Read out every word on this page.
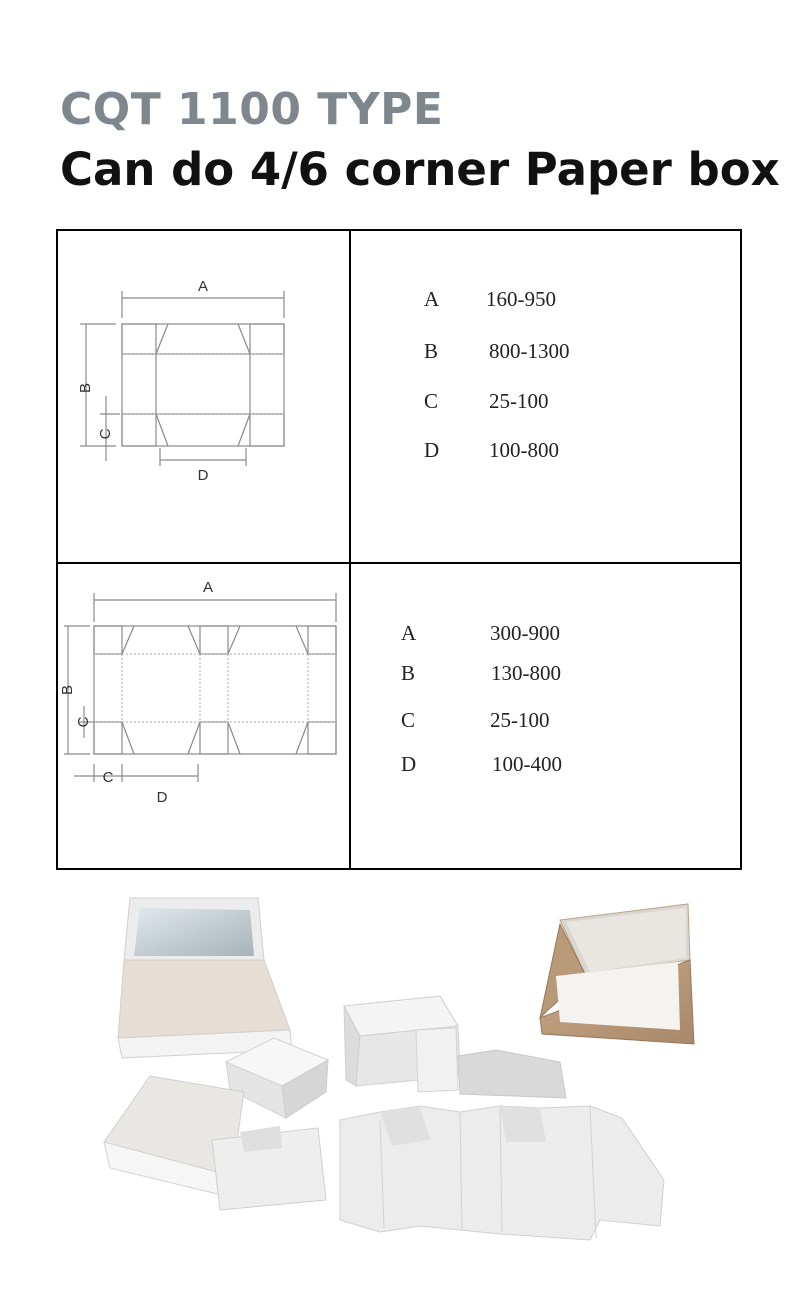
CQT 1100 TYPE
Can do 4/6 corner Paper box
A
B
C
D
A 160-950
B 800-1300
C 25-100
D 100-800
A
B
C
C
D
A	300-900
B	130-800
C	25-100
D	100-400
